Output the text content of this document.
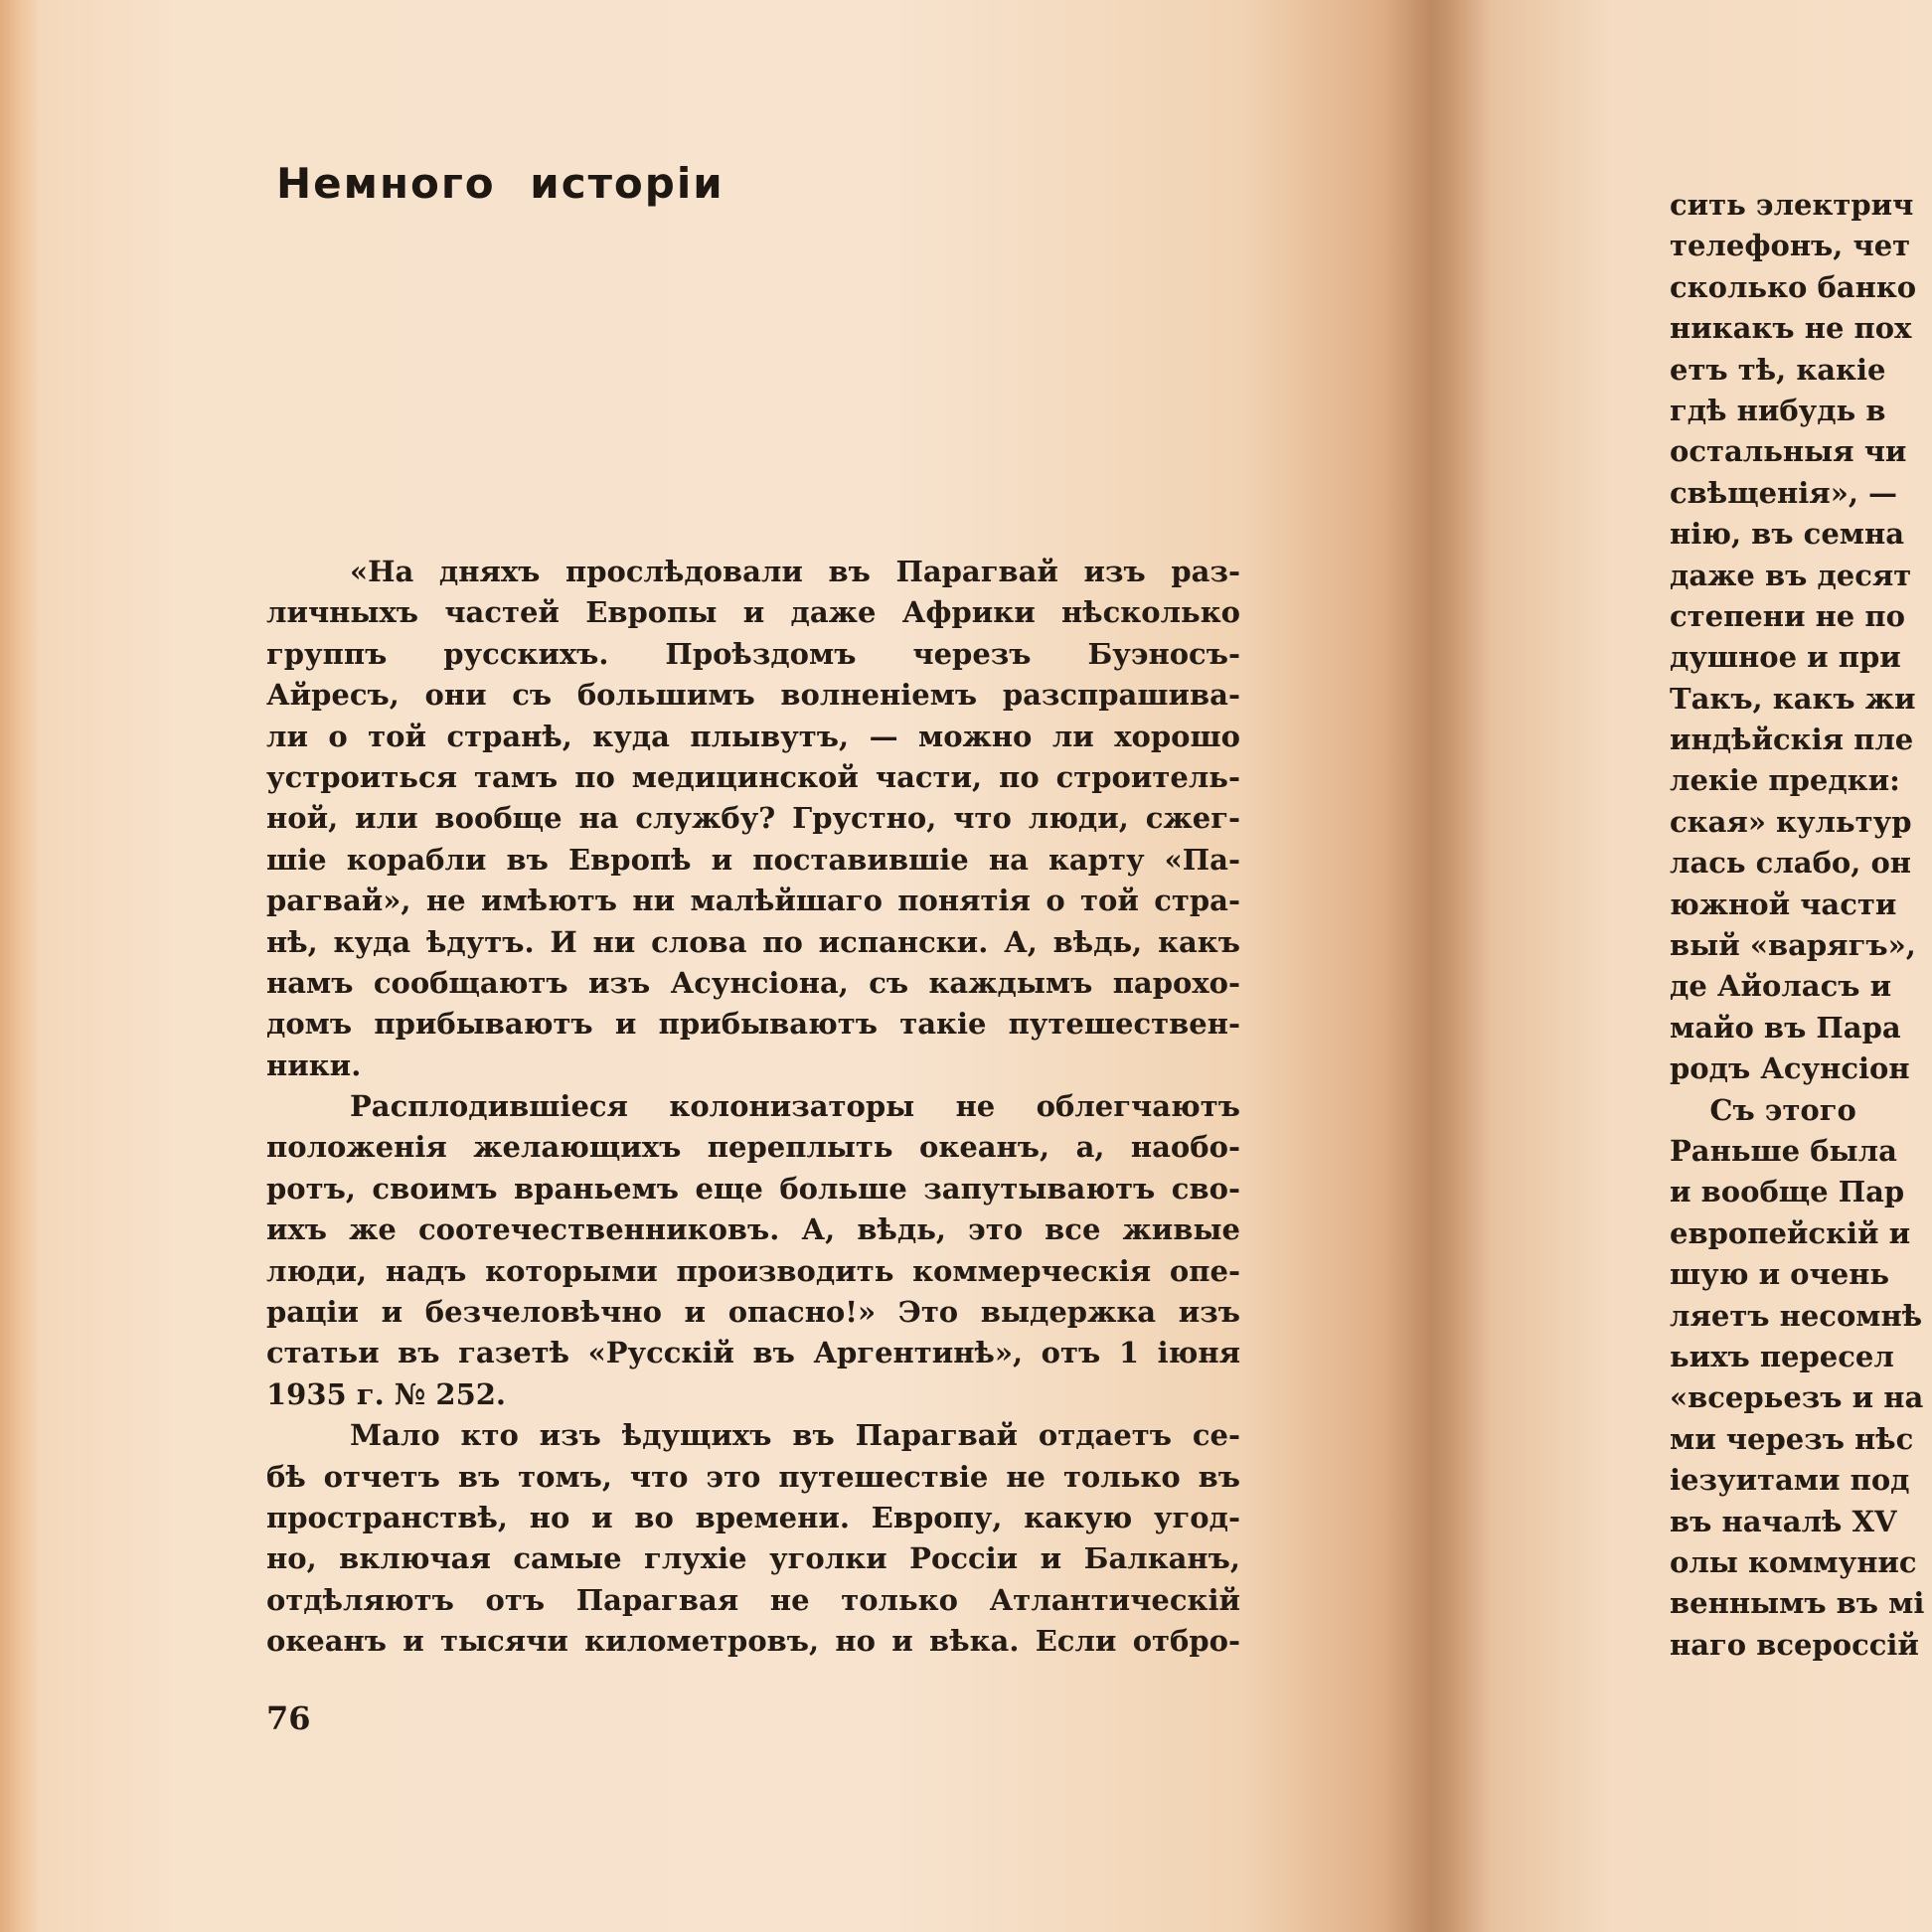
Немного исторіи
«На дняхъ прослѣдовали въ Парагвай изъ раз-
личныхъ частей Европы и даже Африки нѣсколько
группъ русскихъ. Проѣздомъ черезъ Буэносъ-
Айресъ, они съ большимъ волненіемъ разспрашива-
ли о той странѣ, куда плывутъ, — можно ли хорошо
устроиться тамъ по медицинской части, по строитель-
ной, или вообще на службу? Грустно, что люди, сжег-
шіе корабли въ Европѣ и поставившіе на карту «Па-
рагвай», не имѣютъ ни малѣйшаго понятія о той стра-
нѣ, куда ѣдутъ. И ни слова по испански. А, вѣдь, какъ
намъ сообщаютъ изъ Асунсіона, съ каждымъ парохо-
домъ прибываютъ и прибываютъ такіе путешествен-
ники.
Расплодившіеся колонизаторы не облегчаютъ
положенія желающихъ переплыть океанъ, а, наобо-
ротъ, своимъ враньемъ еще больше запутываютъ сво-
ихъ же соотечественниковъ. А, вѣдь, это все живые
люди, надъ которыми производить коммерческія опе-
раціи и безчеловѣчно и опасно!» Это выдержка изъ
статьи въ газетѣ «Русскій въ Аргентинѣ», отъ 1 іюня
1935 г. № 252.
Мало кто изъ ѣдущихъ въ Парагвай отдаетъ се-
бѣ отчетъ въ томъ, что это путешествіе не только въ
пространствѣ, но и во времени. Европу, какую угод-
но, включая самые глухіе уголки Россіи и Балканъ,
отдѣляютъ отъ Парагвая не только Атлантическій
океанъ и тысячи километровъ, но и вѣка. Если отбро-
76
сить электрич
телефонъ, чет
сколько банко
никакъ не пох
етъ тѣ, какіе
гдѣ нибудь в
остальныя чи
свѣщенія», —
нію, въ семна
даже въ десят
степени не по
душное и при
Такъ, какъ жи
индѣйскія пле
лекіе предки:
ская» культур
лась слабо, он
южной части
вый «варягъ»,
де Айоласъ и
майо въ Пара
родъ Асунсіон
Съ этого
Раньше была
и вообще Пар
европейскій и
шую и очень
ляетъ несомнѣ
ьихъ пересел
«всерьезъ и на
ми черезъ нѣс
іезуитами под
въ началѣ XV
олы коммунис
веннымъ въ мі
наго всероссій
